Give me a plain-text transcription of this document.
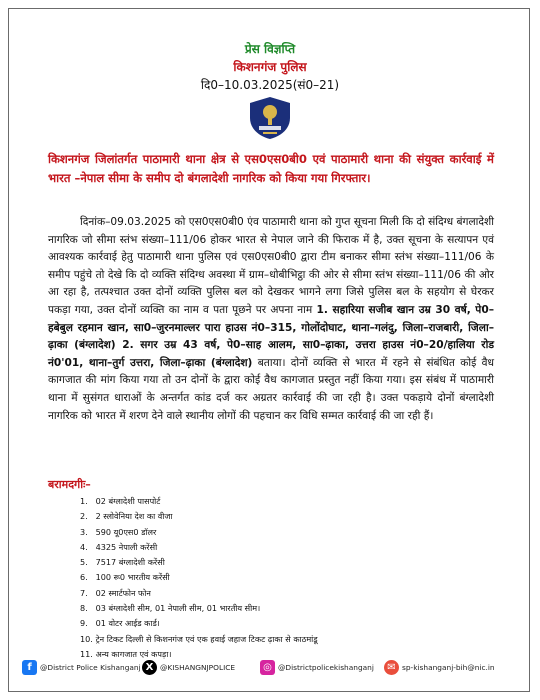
प्रेस विज्ञप्ति
किशनगंज पुलिस
दि0–10.03.2025(सं0–21)
किशनगंज जिलांतर्गत पाठामारी थाना क्षेत्र से एस0एस0बी0 एवं पाठामारी थाना की संयुक्त कार्रवाई में भारत –नेपाल सीमा के समीप दो बंगलादेशी नागरिक को किया गया गिरफ्तार।
दिनांक–09.03.2025 को एस0एस0बी0 एंव पाठामारी थाना को गुप्त सूचना मिली कि दो संदिग्ध बंगलादेशी नागरिक जो सीमा स्तंभ संख्या–111/06 होकर भारत से नेपाल जाने की फिराक में है, उक्त सूचना के सत्यापन एवं आवश्यक कार्रवाई हेतु पाठामारी थाना पुलिस एवं एस0एस0बी0 द्वारा टीम बनाकर सीमा स्तंभ संख्या–111/06 के समीप पहुंचे तो देखे कि दो व्यक्ति संदिग्ध अवस्था में ग्राम–धोबीभिट्ठा की ओर से सीमा स्तंभ संख्या–111/06 की ओर आ रहा है, तत्पश्चात उक्त दोनों व्यक्ति पुलिस बल को देखकर भागने लगा जिसे पुलिस बल के सहयोग से घेरकर पकड़ा गया, उक्त दोनों व्यक्ति का नाम व पता पूछने पर अपना नाम 1. सहारिया सजीब खान उम्र 30 वर्ष, पे0–हबेबुल रहमान खान, सा0–जुरनमाल्लर पारा हाउस नं0–315, गोलोंदोघाट, थाना–गलंदु, जिला–राजबारी, जिला–ढ़ाका (बंग्लादेश) 2. सगर उम्र 43 वर्ष, पे0–साह आलम, सा0–ढ़ाका, उत्तरा हाउस नं0–20/हालिया रोड नं0'01, थाना–तुर्ग उत्तरा, जिला–ढ़ाका (बंग्लादेश) बताया। दोनों व्यक्ति से भारत में रहने से संबंधित कोई वैध कागजात की मांग किया गया तो उन दोनों के द्वारा कोई वैध कागजात प्रस्तुत नहीं किया गया। इस संबंध में पाठामारी थाना में सुसंगत धाराओं के अन्तर्गत कांड दर्ज कर अग्रतर कार्रवाई की जा रही है। उक्त पकड़ाये दोनों बंग्लादेशी नागरिक को भारत में शरण देने वाले स्थानीय लोगों की पहचान कर विधि सम्मत कार्रवाई की जा रही हैं।
बरामदगीः–
1. 02 बंग्लादेशी पासपोर्ट
2. 2 स्लोवेनिया देश का वीजा
3. 590 यू0एस0 डॉलर
4. 4325 नेपाली करेंसी
5. 7517 बंग्लादेशी करेंसी
6. 100 रू0 भारतीय करेंसी
7. 02 स्मार्टफोन फोन
8. 03 बंग्लादेशी सीम, 01 नेपाली सीम, 01 भारतीय सीम।
9. 01 वोटर आईड कार्ड।
10. ट्रेन टिकट दिल्ली से किशनगंज एवं एक हवाई जहाज टिकट ढ़ाका से काठमांडू
11. अन्य कागजात एवं कपड़ा।
f	@District Police Kishanganj X @KISHANGNJPOLICE	◎ @Districtpolicekishanganj	✉ sp-kishanganj-bih@nic.in
